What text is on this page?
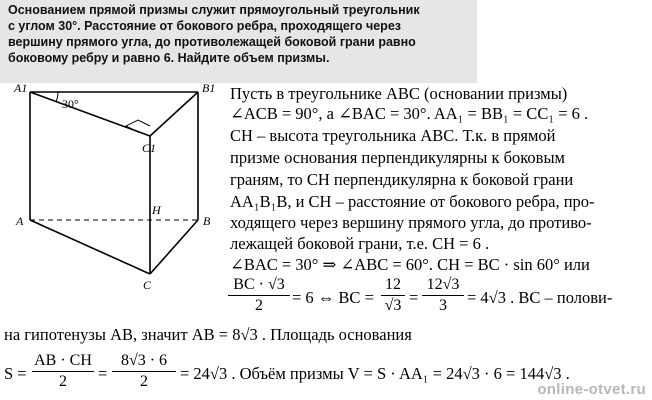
Основанием прямой призмы служит прямоугольный треугольник
с углом 30°. Расстояние от бокового ребра, проходящего через
вершину прямого угла, до противолежащей боковой грани равно
боковому ребру и равно 6. Найдите объем призмы.
A1	B1
C1
A	B
C
H
30°
Пусть в треугольнике ABC (основании призмы)
∠ACB = 90°, a ∠BAC = 30°. AA₁ = BB₁ = CC₁ = 6 .
CH – высота треугольника ABC. Т.к. в прямой
призме основания перпендикулярны к боковым
граням, то CH перпендикулярна к боковой грани
AA₁B₁B, и CH – расстояние от бокового ребра, про-
ходящего через вершину прямого угла, до противо-
лежащей боковой грани, т.е. CH = 6 .
∠BAC = 30° ⇒ ∠ABC = 60°. CH = BC · sin 60° или
BC · √3
2	= 6 ⇔ BC =
12
√3 =
12√3
3	= 4√3 . BC – полови-
на гипотенузы AB, значит AB = 8√3 . Площадь основания
S =
AB · CH
2	=
8√3 · 6
2	= 24√3 . Объём призмы V = S · AA₁ = 24√3 · 6 = 144√3 .
online-otvet.ru
